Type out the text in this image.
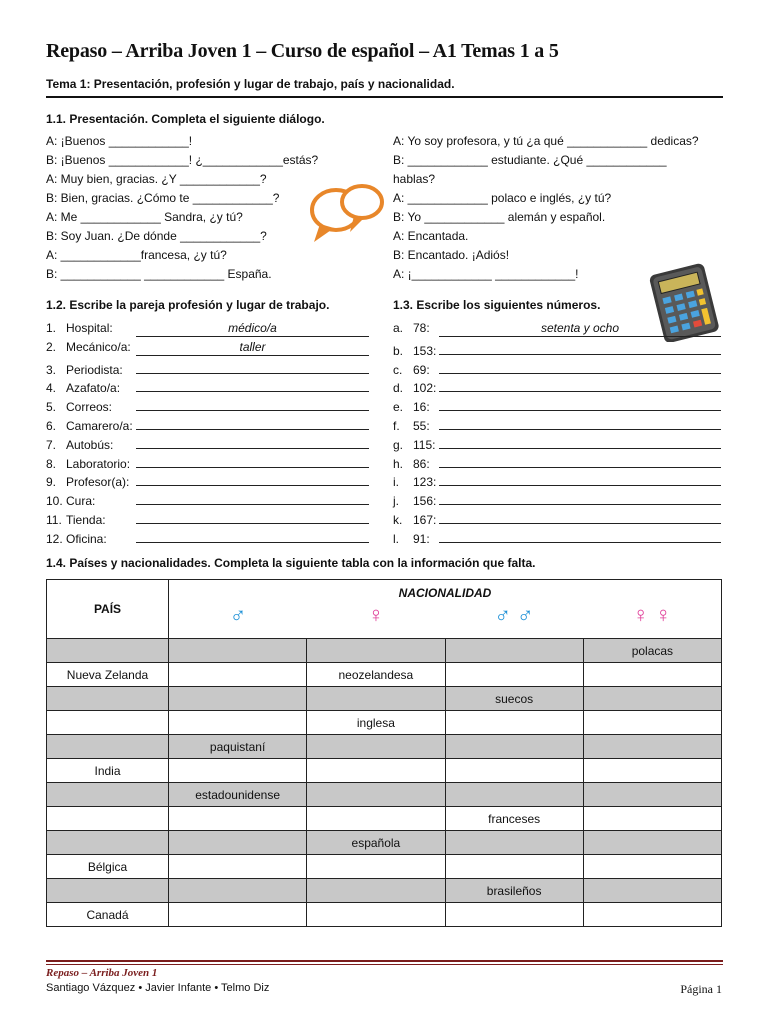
Repaso – Arriba Joven 1 – Curso de español – A1 Temas 1 a 5
Tema 1: Presentación, profesión y lugar de trabajo, país y nacionalidad.
1.1. Presentación. Completa el siguiente diálogo.
A: ¡Buenos ____________!
B: ¡Buenos ____________! ¿____________estás?
A: Muy bien, gracias. ¿Y ____________?
B: Bien, gracias. ¿Cómo te ____________?
A: Me ____________ Sandra, ¿y tú?
B: Soy Juan. ¿De dónde ____________?
A: ____________francesa, ¿y tú?
B: ____________ ____________ España.
A: Yo soy profesora, y tú ¿a qué ____________ dedicas?
B: ____________ estudiante. ¿Qué ____________
hablas?
A: ____________ polaco e inglés, ¿y tú?
B: Yo ____________ alemán y español.
A: Encantada.
B: Encantado. ¡Adiós!
A: ¡____________ ____________!
1.2. Escribe la pareja profesión y lugar de trabajo.
1. Hospital:	médico/a
2. Mecánico/a:	taller
3. Periodista:
4. Azafato/a:
5. Correos:
6. Camarero/a:
7. Autobús:
8. Laboratorio:
9. Profesor(a):
10. Cura:
11. Tienda:
12. Oficina:
1.3. Escribe los siguientes números.
a. 78:	setenta y ocho
b. 153:
c. 69:
d. 102:
e. 16:
f. 55:
g. 115:
h. 86:
i. 123:
j. 156:
k. 167:
l. 91:
1.4. Países y nacionalidades. Completa la siguiente tabla con la información que falta.
PAÍS	NACIONALIDAD
♂ ♀ ♂ ♂ ♀ ♀			

				polacas
Nueva Zelanda		neozelandesa		
			suecos	
		inglesa		
	paquistaní			
India				
	estadounidense			
			franceses	
		española		
Bélgica				
			brasileños	
Canadá				
Repaso – Arriba Joven 1
Santiago Vázquez • Javier Infante • Telmo Diz	Página 1
